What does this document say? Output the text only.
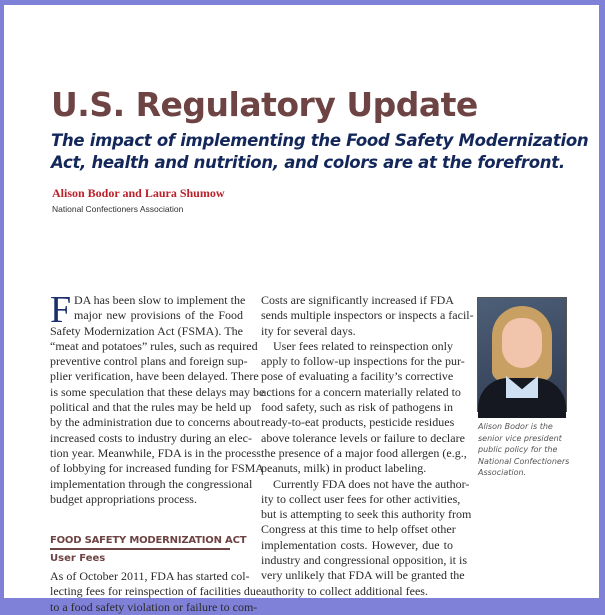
U.S. Regulatory Update
The impact of implementing the Food Safety Modernization Act, health and nutrition, and colors are at the forefront.
Alison Bodor and Laura Shumow
National Confectioners Association
F DA has been slow to implement the
major new provisions of the Food
Safety Modernization Act (FSMA). The
“meat and potatoes” rules, such as required
preventive control plans and foreign sup-
plier verification, have been delayed. There
is some speculation that these delays may be
political and that the rules may be held up
by the administration due to concerns about
increased costs to industry during an elec-
tion year. Meanwhile, FDA is in the process
of lobbying for increased funding for FSMA
implementation through the congressional
budget appropriations process.
FOOD SAFETY MODERNIZATION ACT
User Fees
As of October 2011, FDA has started col-
lecting fees for reinspection of facilities due
to a food safety violation or failure to com-
Costs are significantly increased if FDA
sends multiple inspectors or inspects a facil-
ity for several days.
User fees related to reinspection only
apply to follow-up inspections for the pur-
pose of evaluating a facility’s corrective
actions for a concern materially related to
food safety, such as risk of pathogens in
ready-to-eat products, pesticide residues
above tolerance levels or failure to declare
the presence of a major food allergen (e.g.,
peanuts, milk) in product labeling.
Currently FDA does not have the author-
ity to collect user fees for other activities,
but is attempting to seek this authority from
Congress at this time to help offset other
implementation costs. However, due to
industry and congressional opposition, it is
very unlikely that FDA will be granted the
authority to collect additional fees.
Alison Bodor is the senior vice president public policy for the National Confectioners Association.
